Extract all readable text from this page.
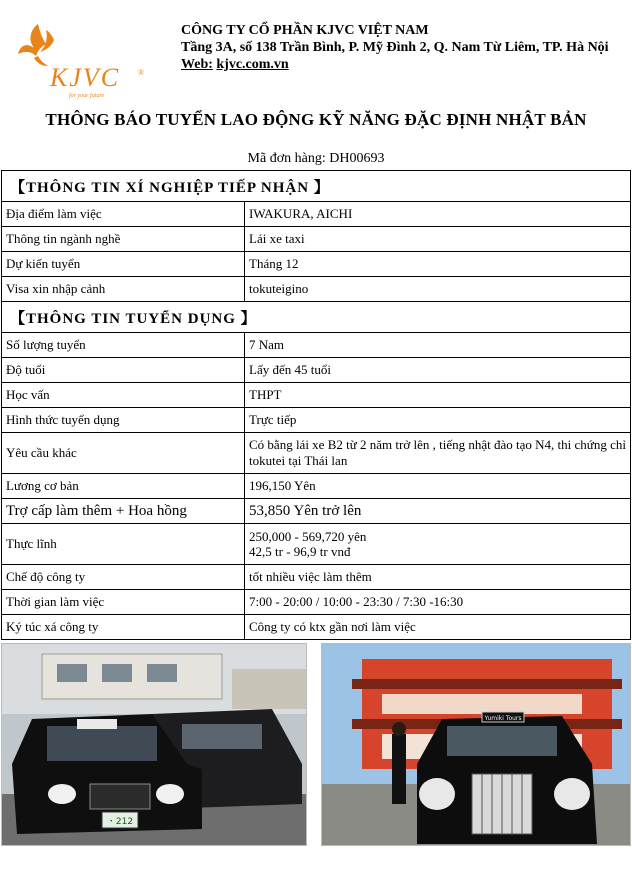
KJVC ®
for your future
CÔNG TY CỔ PHẦN KJVC VIỆT NAM
Tầng 3A, số 138 Trần Bình, P. Mỹ Đình 2, Q. Nam Từ Liêm, TP. Hà Nội
Web: kjvc.com.vn
THÔNG BÁO TUYỂN LAO ĐỘNG KỸ NĂNG ĐẶC ĐỊNH NHẬT BẢN
Mã đơn hàng: DH00693
【THÔNG TIN XÍ NGHIỆP TIẾP NHẬN 】	
Địa điểm làm việc	IWAKURA, AICHI
Thông tin ngành nghề	Lái xe taxi
Dự kiến tuyển	Tháng 12
Visa xin nhập cảnh	tokuteigino
【THÔNG TIN TUYỂN DỤNG 】	
Số lượng tuyển	7 Nam
Độ tuổi	Lấy đến 45 tuổi
Học vấn	THPT
Hình thức tuyển dụng	Trực tiếp
Yêu cầu khác	Có bằng lái xe B2 từ 2 năm trở lên , tiếng nhật đào tạo N4, thi chứng chỉ tokutei tại Thái lan
Lương cơ bản	196,150 Yên
Trợ cấp làm thêm + Hoa hồng	53,850 Yên trở lên
Thực lĩnh	250,000 - 569,720 yên
42,5 tr - 96,9 tr vnđ

Chế độ công ty	tốt nhiều việc làm thêm
Thời gian làm việc	7:00 - 20:00 / 10:00 - 23:30 / 7:30 -16:30
Ký túc xá công ty	Công ty có ktx gần nơi làm việc
・212
Yumiki Tours
